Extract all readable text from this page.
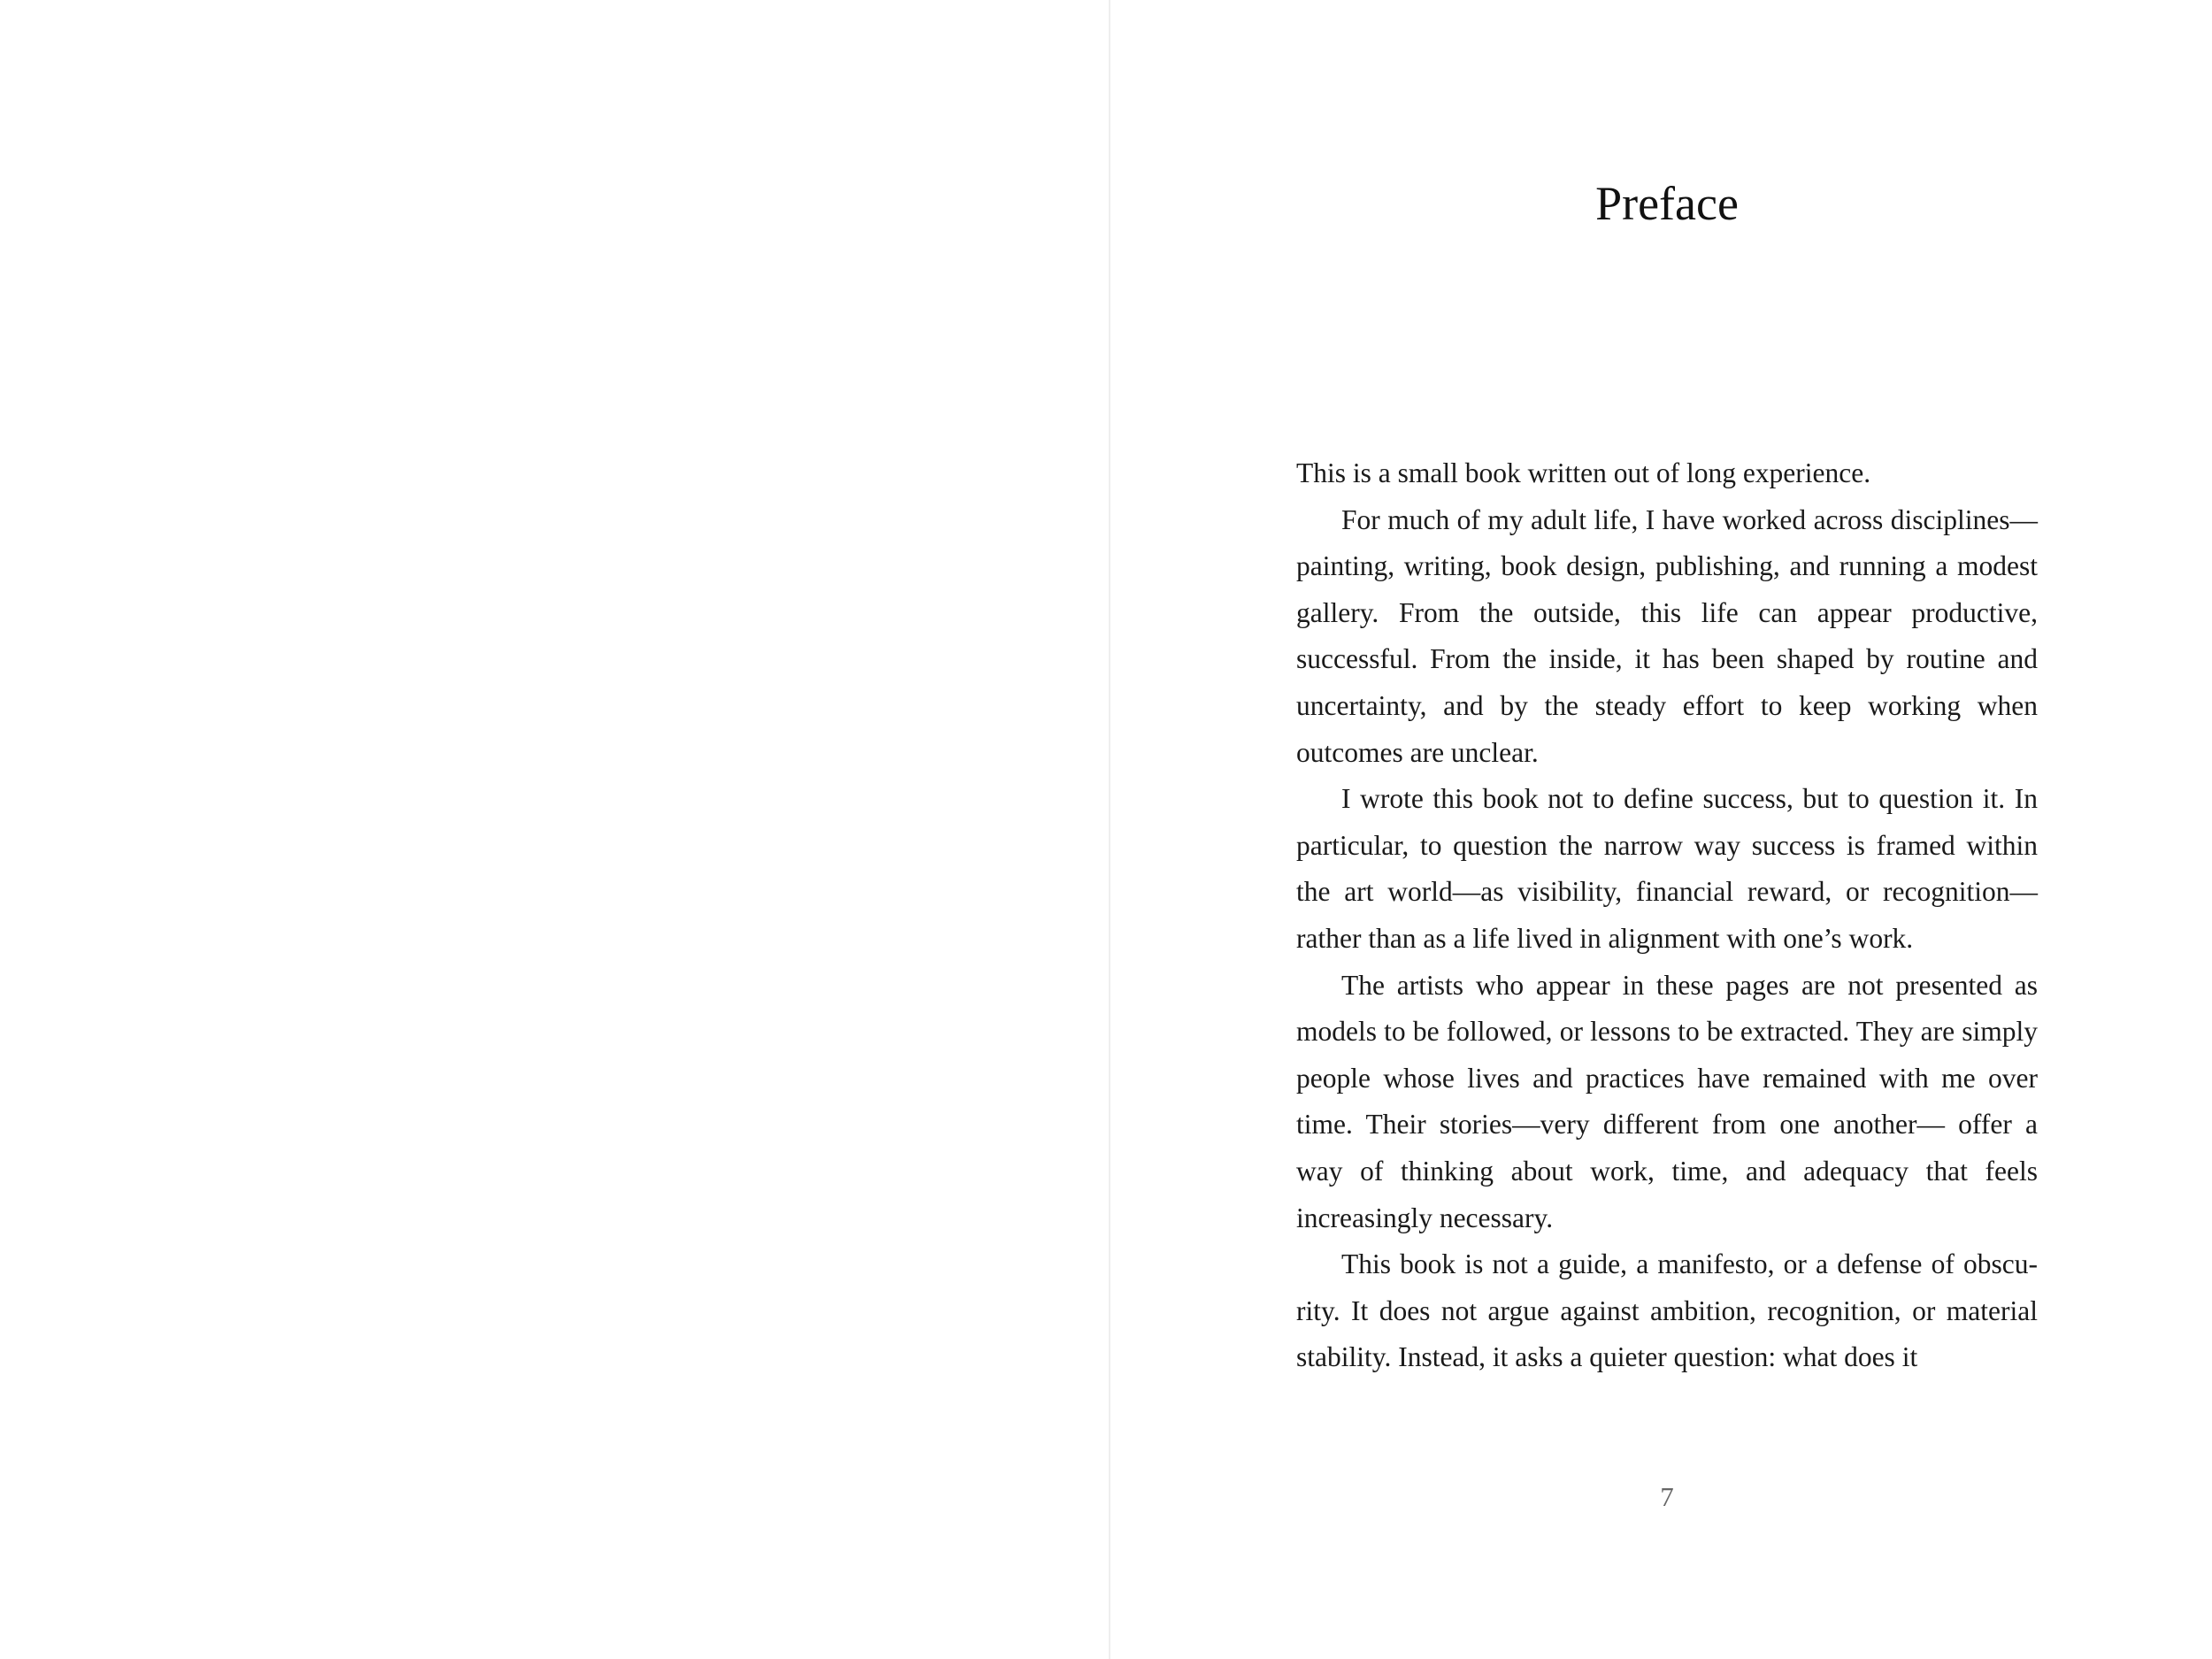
Preface

This is a small book written out of long experience.

For much of my adult life, I have worked across disciplines—painting, writing, book design, publishing, and running a modest gallery. From the outside, this life can appear productive, successful. From the inside, it has been shaped by routine and uncertainty, and by the steady effort to keep working when outcomes are unclear.

I wrote this book not to define success, but to question it. In particular, to question the narrow way success is framed within the art world—as visibility, financial reward, or recognition— rather than as a life lived in alignment with one’s work.

The artists who appear in these pages are not presented as models to be followed, or lessons to be extracted. They are simply people whose lives and practices have remained with me over time. Their stories—very different from one another— offer a way of thinking about work, time, and adequacy that feels increasingly necessary.

This book is not a guide, a manifesto, or a defense of obscurity. It does not argue against ambition, recognition, or material stability. Instead, it asks a quieter question: what does it

7
